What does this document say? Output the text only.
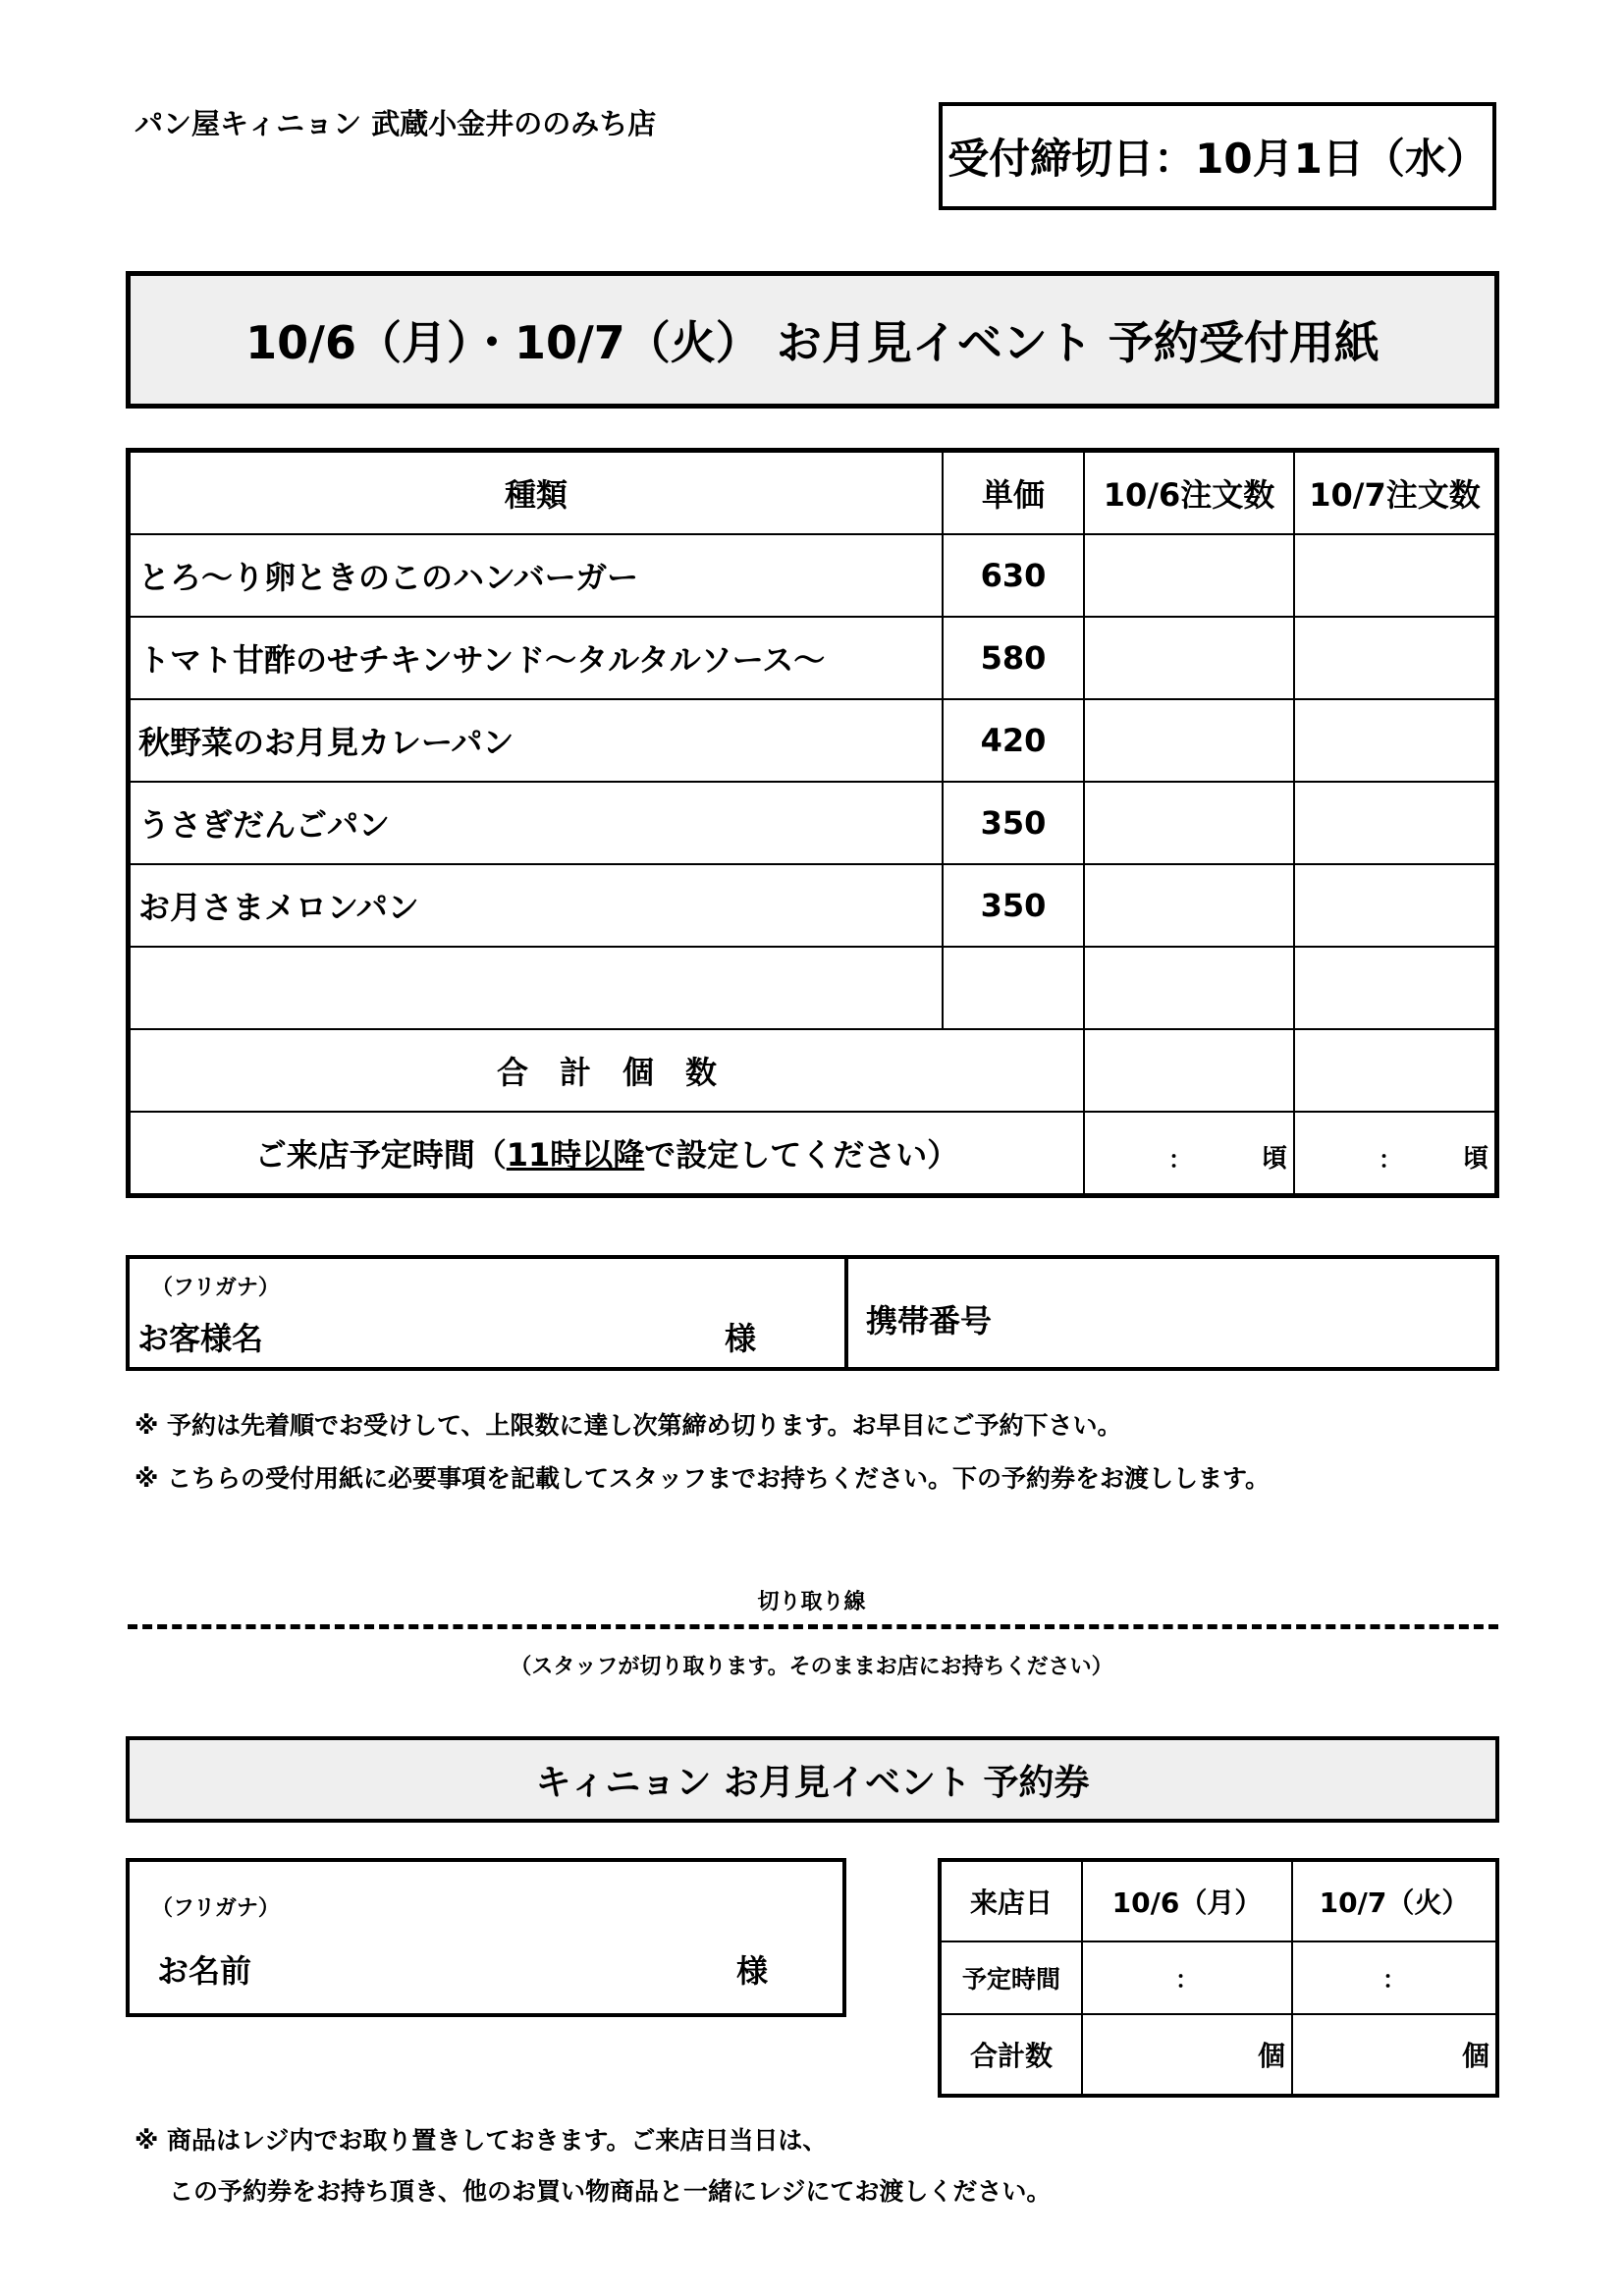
パン屋キィニョン 武蔵小金井ののみち店
受付締切日：10月1日（水）
10/6（月）・10/7（火） お月見イベント 予約受付用紙
種類	単価	10/6注文数	10/7注文数
とろ〜り卵ときのこのハンバーガー	630		
トマト甘酢のせチキンサンド〜タルタルソース〜	580		
秋野菜のお月見カレーパン	420		
うさぎだんごパン	350		
お月さまメロンパン	350		

合　計　個　数			
ご来店予定時間（11時以降で設定してください）		： 頃	： 頃
（フリガナ）
お客様名	様	携帯番号
※ 予約は先着順でお受けして、上限数に達し次第締め切ります。お早目にご予約下さい。
※ こちらの受付用紙に必要事項を記載してスタッフまでお持ちください。下の予約券をお渡しします。
切り取り線
（スタッフが切り取ります。そのままお店にお持ちください）
キィニョン お月見イベント 予約券
（フリガナ）
お名前	様
来店日	10/6（月）	10/7（火）
予定時間	：	：
合計数	個	個
※ 商品はレジ内でお取り置きしておきます。ご来店日当日は、
この予約券をお持ち頂き、他のお買い物商品と一緒にレジにてお渡しください。
